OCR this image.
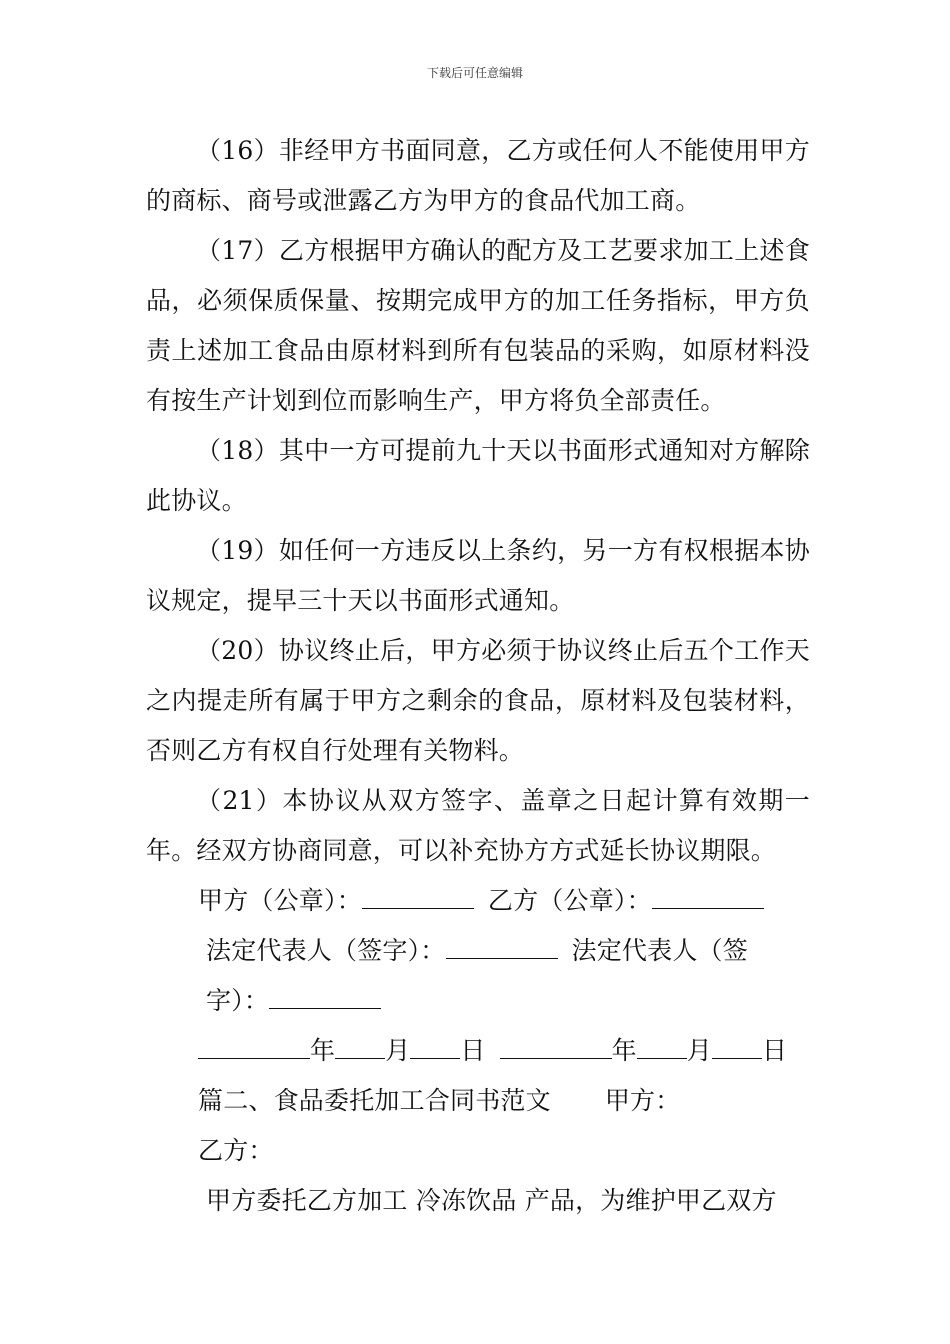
下载后可任意编辑

（16）非经甲方书面同意，乙方或任何人不能使用甲方的商标、商号或泄露乙方为甲方的食品代加工商。

（17）乙方根据甲方确认的配方及工艺要求加工上述食品，必须保质保量、按期完成甲方的加工任务指标，甲方负责上述加工食品由原材料到所有包装品的采购，如原材料没有按生产计划到位而影响生产，甲方将负全部责任。

（18）其中一方可提前九十天以书面形式通知对方解除此协议。

（19）如任何一方违反以上条约，另一方有权根据本协议规定，提早三十天以书面形式通知。

（20）协议终止后，甲方必须于协议终止后五个工作天之内提走所有属于甲方之剩余的食品，原材料及包装材料，否则乙方有权自行处理有关物料。

（21）本协议从双方签字、盖章之日起计算有效期一年。经双方协商同意，可以补充协方方式延长协议期限。

甲方（公章）：	乙方（公章）：

法定代表人（签字）：	法定代表人（签字）：

年 月 日	年 月 日

篇二、食品委托加工合同书范文 甲方：

乙方：

甲方委托乙方加工 冷冻饮品 产品，为维护甲乙双方
